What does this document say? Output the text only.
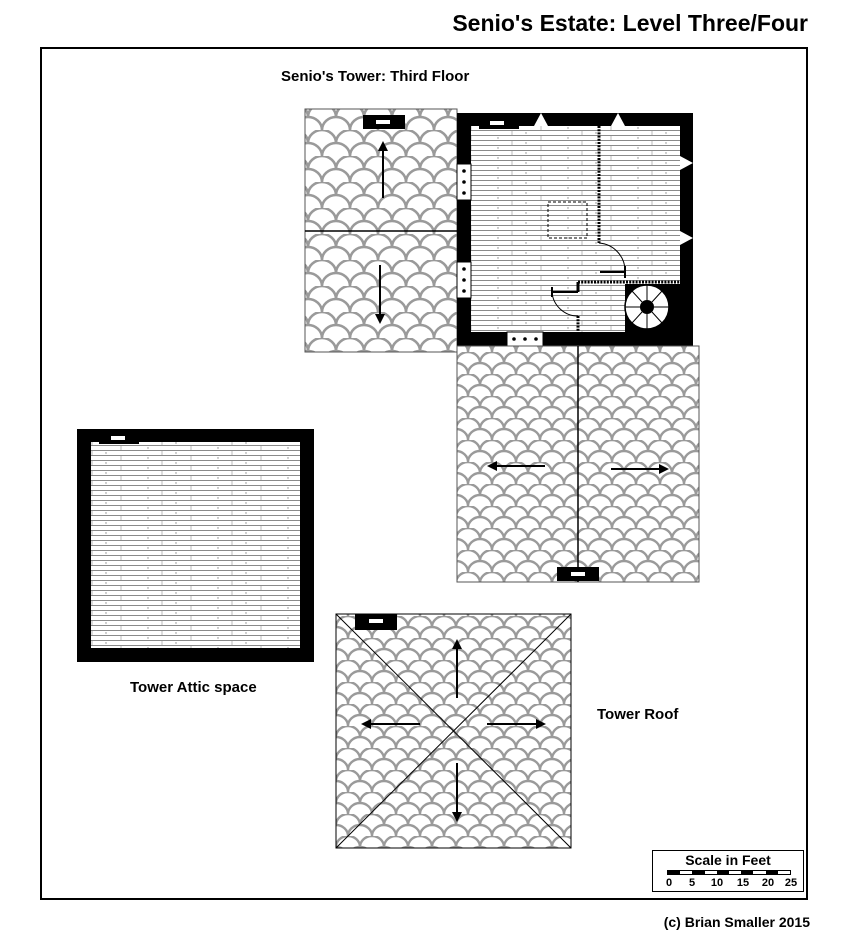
Senio's Estate: Level Three/Four
Senio's Tower: Third Floor
Tower Attic space
Tower Roof
Scale in Feet
0 5 10 15 20 25
(c) Brian Smaller 2015
